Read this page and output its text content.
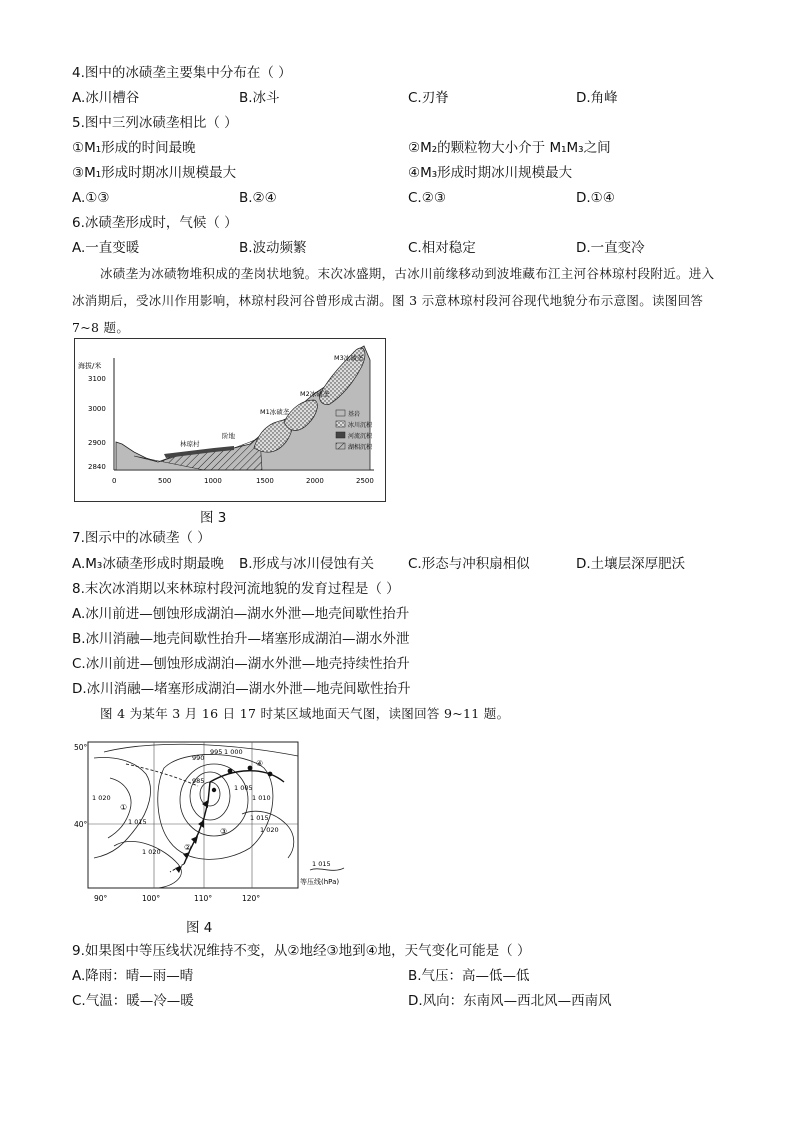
4.图中的冰碛垄主要集中分布在（ ）
A.冰川槽谷	B.冰斗	C.刃脊	D.角峰
5.图中三列冰碛垄相比（ ）
①M₁形成的时间最晚	②M₂的颗粒物大小介于 M₁M₃之间
③M₁形成时期冰川规模最大	④M₃形成时期冰川规模最大
A.①③	B.②④	C.②③	D.①④
6.冰碛垄形成时，气候（ ）
A.一直变暖	B.波动频繁	C.相对稳定	D.一直变冷
冰碛垄为冰碛物堆积成的垄岗状地貌。末次冰盛期，古冰川前缘移动到波堆藏布江主河谷林琼村段附近。进入冰消期后，受冰川作用影响，林琼村段河谷曾形成古湖。图 3 示意林琼村段河谷现代地貌分布示意图。读图回答 7~8 题。
海拔/米
3100
3000
2900
2840
0	500	1000	1500	2000	2500
林琼村
阶地
M1冰碛垄
M2冰碛垄
M3冰碛垄
基岩
冰川沉积
河流沉积
湖相沉积
图 3
7.图示中的冰碛垄（ ）
A.M₃冰碛垄形成时期最晚 B.形成与冰川侵蚀有关	C.形态与冲积扇相似	D.土壤层深厚肥沃
8.末次冰消期以来林琼村段河流地貌的发育过程是（ ）
A.冰川前进—刨蚀形成湖泊—湖水外泄—地壳间歇性抬升
B.冰川消融—地壳间歇性抬升—堵塞形成湖泊—湖水外泄
C.冰川前进—刨蚀形成湖泊—湖水外泄—地壳持续性抬升
D.冰川消融—堵塞形成湖泊—湖水外泄—地壳间歇性抬升
图 4 为某年 3 月 16 日 17 时某区域地面天气图，读图回答 9~11 题。
50°
40°
90°	100°	110°	120°
990
995 1 000
985
1 005
1 010
1 015
1 020
1 015
1 020
1 020
①
②
③
④
1 015
等压线(hPa)
图 4
9.如果图中等压线状况维持不变，从②地经③地到④地，天气变化可能是（ ）
A.降雨：晴—雨—晴	B.气压：高—低—低
C.气温：暖—冷—暖	D.风向：东南风—西北风—西南风
